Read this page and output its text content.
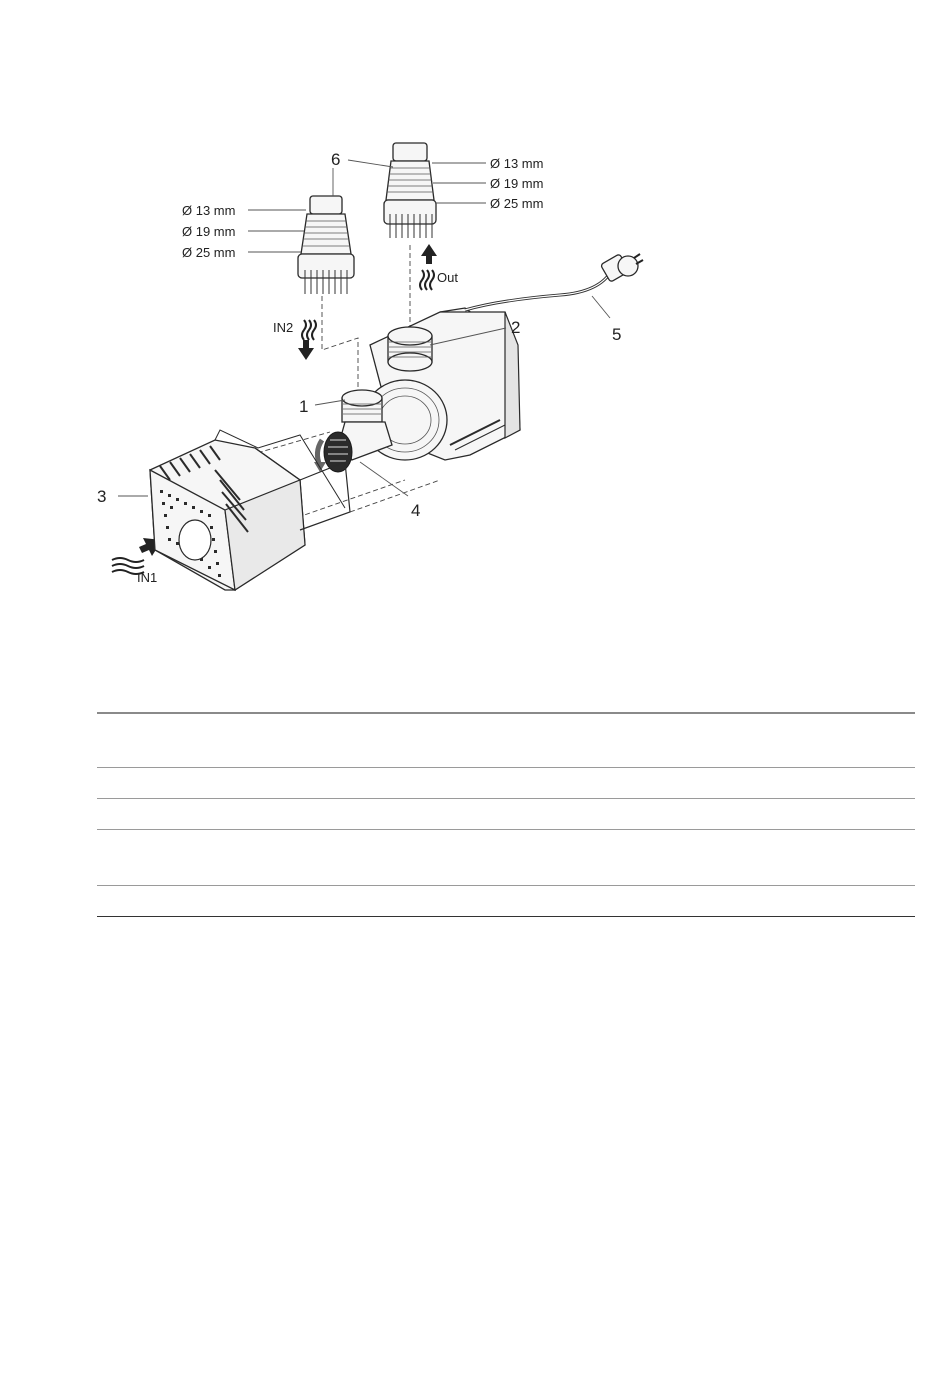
6
1
2
3
4
5
Out
IN2
IN1
Ø 13 mm
Ø 19 mm
Ø 25 mm
Ø 13 mm
Ø 19 mm
Ø 25 mm
